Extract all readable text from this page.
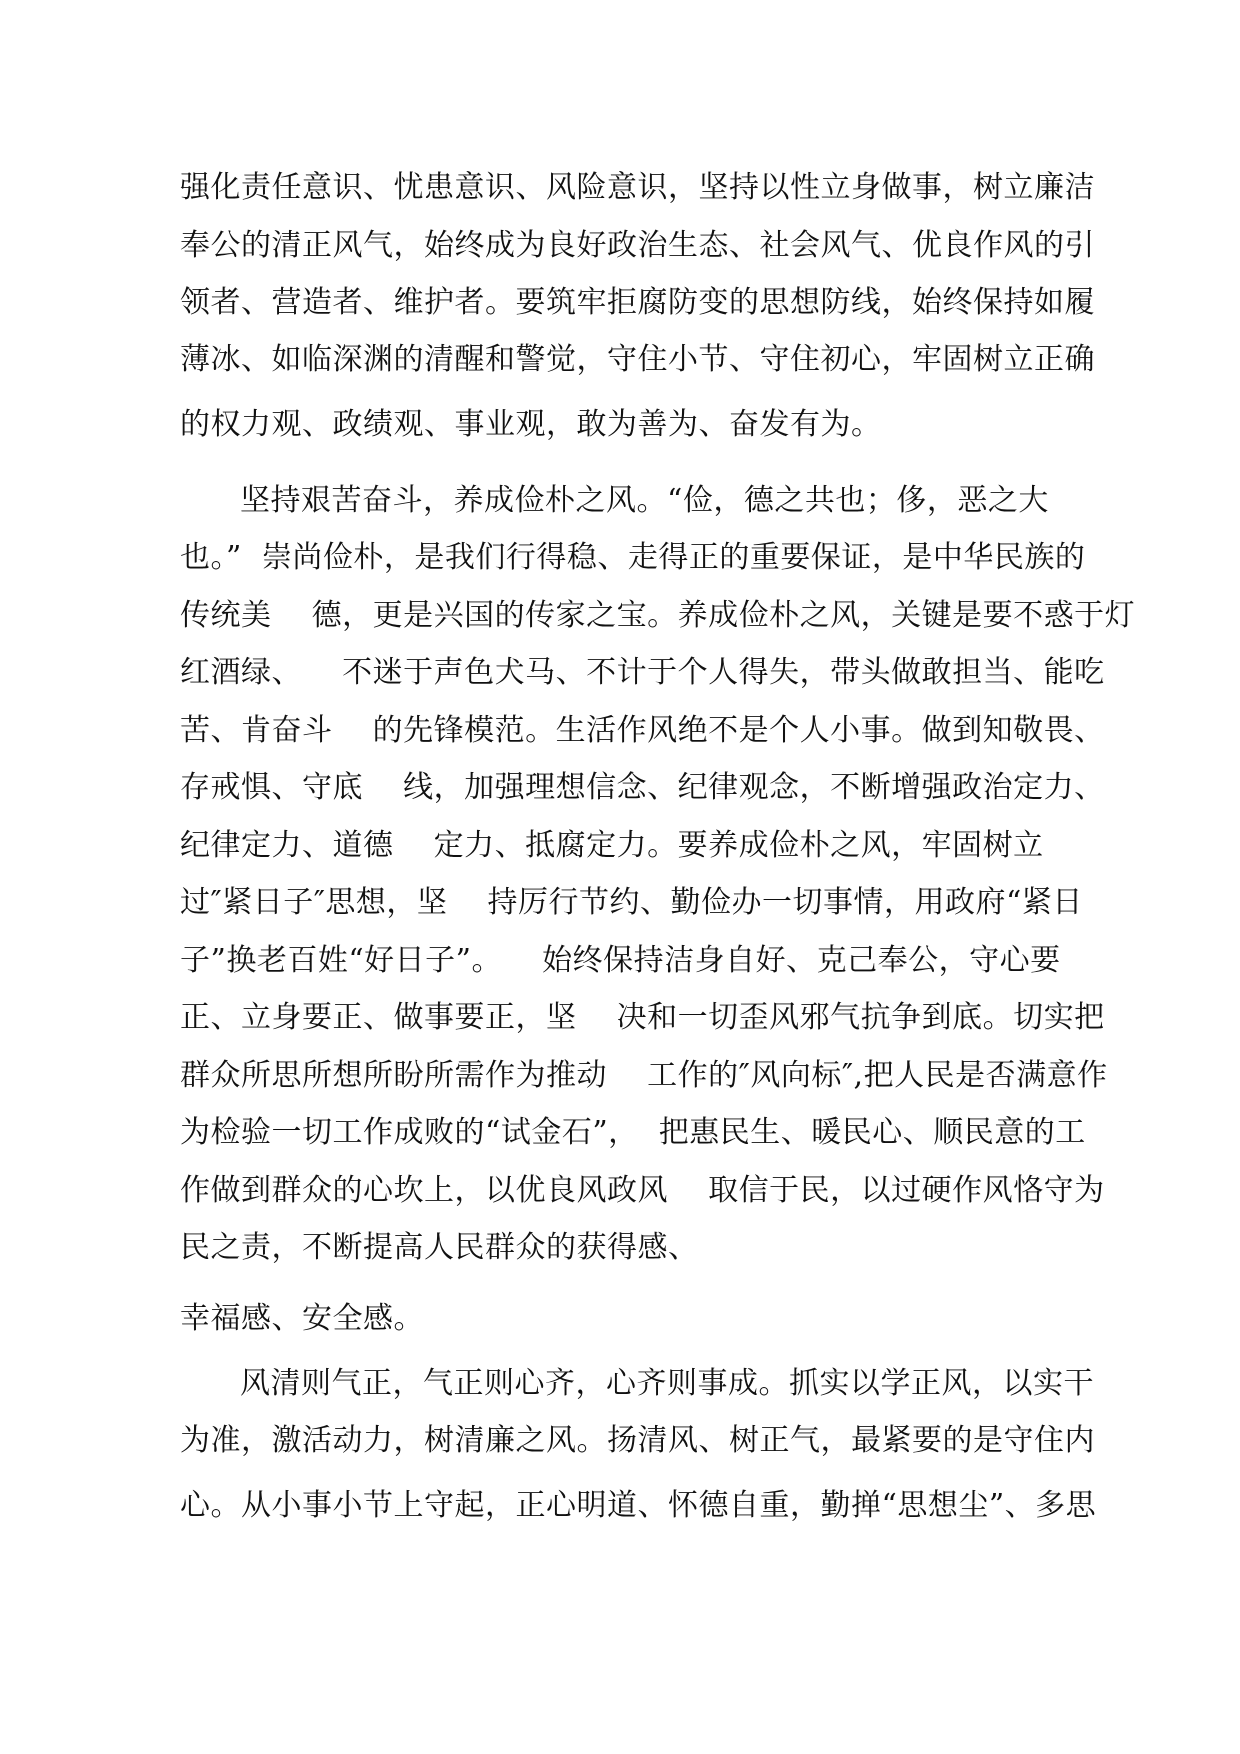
强化责任意识、忧患意识、风险意识，坚持以性立身做事，树立廉洁
奉公的清正风气，始终成为良好政治生态、社会风气、优良作风的引
领者、营造者、维护者。要筑牢拒腐防变的思想防线，始终保持如履
薄冰、如临深渊的清醒和警觉，守住小节、守住初心，牢固树立正确
的权力观、政绩观、事业观，敢为善为、奋发有为。
坚持艰苦奋斗，养成俭朴之风。“俭，德之共也；侈，恶之大
也。”  崇尚俭朴，是我们行得稳、走得正的重要保证，是中华民族的
传统美    德，更是兴国的传家之宝。养成俭朴之风，关键是要不惑于灯
红酒绿、    不迷于声色犬马、不计于个人得失，带头做敢担当、能吃
苦、肯奋斗    的先锋模范。生活作风绝不是个人小事。做到知敬畏、
存戒惧、守底    线，加强理想信念、纪律观念，不断增强政治定力、
纪律定力、道德    定力、抵腐定力。要养成俭朴之风，牢固树立
过″紧日子″思想，坚    持厉行节约、勤俭办一切事情，用政府“紧日
子”换老百姓“好日子”。    始终保持洁身自好、克己奉公，守心要
正、立身要正、做事要正，坚    决和一切歪风邪气抗争到底。切实把
群众所思所想所盼所需作为推动    工作的″风向标″,把人民是否满意作
为检验一切工作成败的“试金石”，  把惠民生、暖民心、顺民意的工
作做到群众的心坎上，以优良风政风    取信于民，以过硬作风恪守为
民之责，不断提高人民群众的获得感、
幸福感、安全感。
风清则气正，气正则心齐，心齐则事成。抓实以学正风，以实干
为准，激活动力，树清廉之风。扬清风、树正气，最紧要的是守住内
心。从小事小节上守起，正心明道、怀德自重，勤掸“思想尘”、多思
